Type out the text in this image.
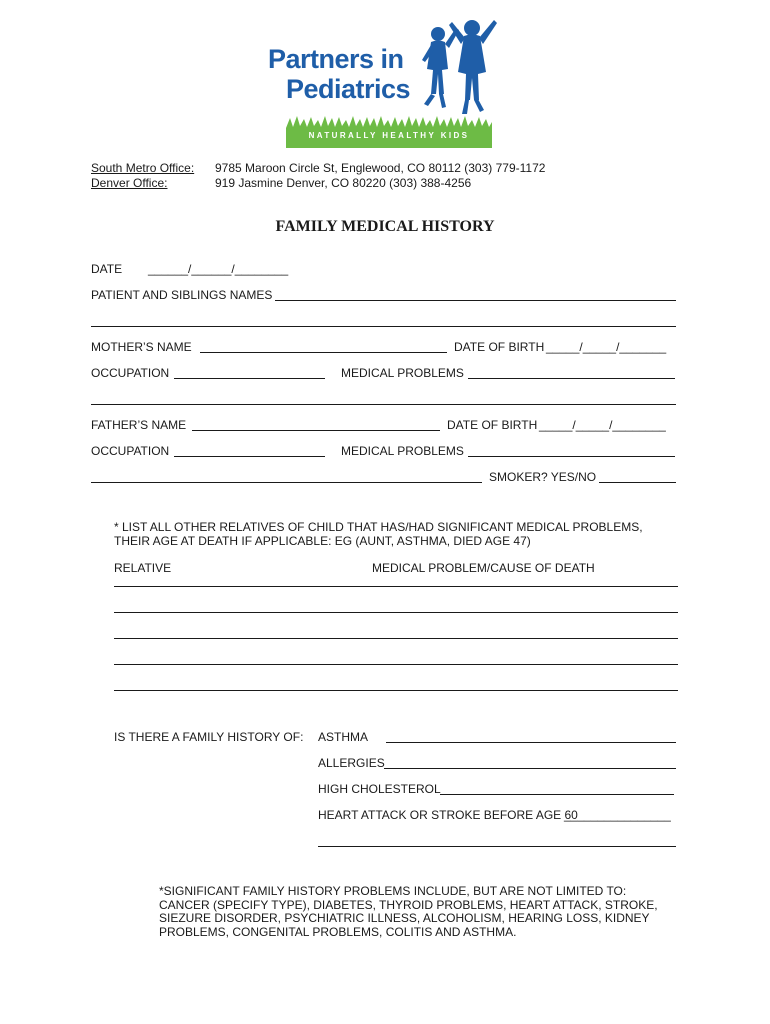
Partners in
Pediatrics
NATURALLY HEALTHY KIDS
South Metro Office: 9785 Maroon Circle St, Englewood, CO 80112 (303) 779-1172
Denver Office:	919 Jasmine Denver, CO 80220 (303) 388-4256
FAMILY MEDICAL HISTORY
DATE ______/______/________
PATIENT AND SIBLINGS NAMES
MOTHER’S NAME	DATE OF BIRTH _____/_____/_______
OCCUPATION	MEDICAL PROBLEMS
FATHER’S NAME	DATE OF BIRTH _____/_____/________
OCCUPATION	MEDICAL PROBLEMS
SMOKER? YES/NO
* LIST ALL OTHER RELATIVES OF CHILD THAT HAS/HAD SIGNIFICANT MEDICAL PROBLEMS, THEIR AGE AT DEATH IF APPLICABLE: EG (AUNT, ASTHMA, DIED AGE 47)
RELATIVE	MEDICAL PROBLEM/CAUSE OF DEATH
IS THERE A FAMILY HISTORY OF: ASTHMA
ALLERGIES
HIGH CHOLESTEROL
HEART ATTACK OR STROKE BEFORE AGE 60
________________
*SIGNIFICANT FAMILY HISTORY PROBLEMS INCLUDE, BUT ARE NOT LIMITED TO: CANCER (SPECIFY TYPE), DIABETES, THYROID PROBLEMS, HEART ATTACK, STROKE, SIEZURE DISORDER, PSYCHIATRIC ILLNESS, ALCOHOLISM, HEARING LOSS, KIDNEY PROBLEMS, CONGENITAL PROBLEMS, COLITIS AND ASTHMA.
